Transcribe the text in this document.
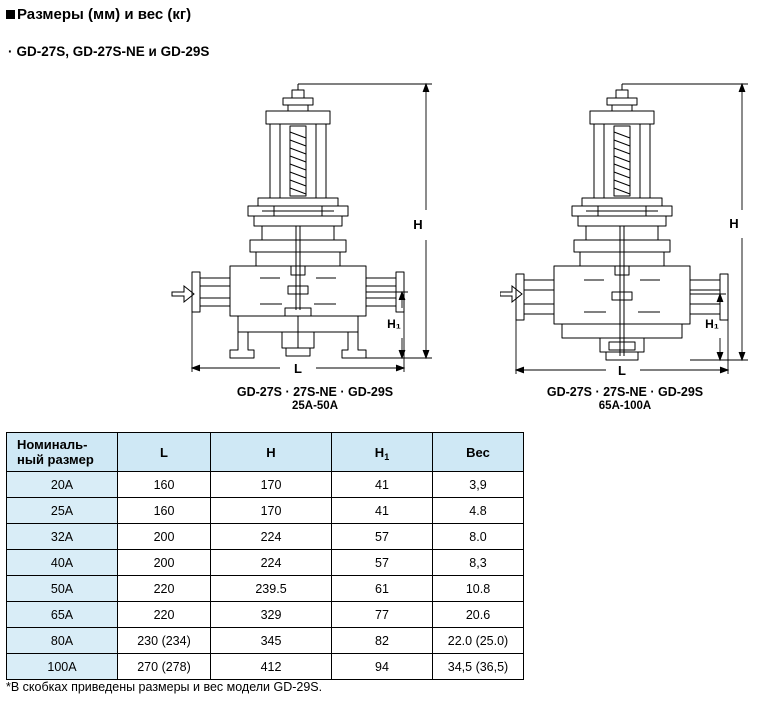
Размеры (мм) и вес (кг)
· GD-27S, GD-27S-NE и GD-29S
H
H₁
L
H
H₁
L
GD-27S · 27S-NE · GD-29S
25A-50A
GD-27S · 27S-NE · GD-29S
65A-100A
Номиналь-
ный размер	L	H	$H_1$	Вес
20A	160	170	41	3,9
25A	160	170	41	4.8
32A	200	224	57	8.0
40A	200	224	57	8,3
50A	220	239.5	61	10.8
65A	220	329	77	20.6
80A	230 (234)	345	82	22.0 (25.0)
100A	270 (278)	412	94	34,5 (36,5)
*В скобках приведены размеры и вес модели GD-29S.
